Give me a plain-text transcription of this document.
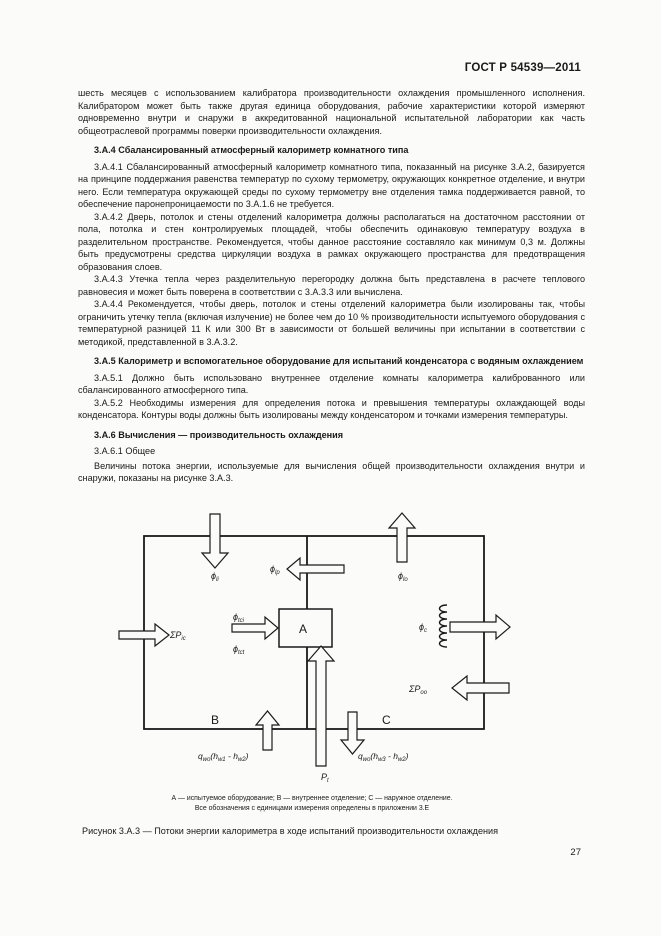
ГОСТ Р 54539—2011

шесть месяцев с использованием калибратора производительности охлаждения промышленного исполнения. Калибратором может быть также другая единица оборудования, рабочие характеристики которой измеряют одновременно внутри и снаружи в аккредитованной национальной испытательной лаборатории как часть общеотраслевой программы поверки производительности охлаждения.

3.А.4 Сбалансированный атмосферный калориметр комнатного типа

3.А.4.1 Сбалансированный атмосферный калориметр комнатного типа, показанный на рисунке 3.А.2, базируется на принципе поддержания равенства температур по сухому термометру, окружающих конкретное отделение, и внутри него. Если температура окружающей среды по сухому термометру вне отделения тамка поддерживается равной, то обеспечение паронепроницаемости по 3.А.1.6 не требуется.

3.А.4.2 Дверь, потолок и стены отделений калориметра должны располагаться на достаточном расстоянии от пола, потолка и стен контролируемых площадей, чтобы обеспечить одинаковую температуру воздуха в разделительном пространстве. Рекомендуется, чтобы данное расстояние составляло как минимум 0,3 м. Должны быть предусмотрены средства циркуляции воздуха в рамках окружающего пространства для предотвращения образования слоев.

3.А.4.3 Утечка тепла через разделительную перегородку должна быть представлена в расчете теплового равновесия и может быть поверена в соответствии с 3.А.3.3 или вычислена.

3.А.4.4 Рекомендуется, чтобы дверь, потолок и стены отделений калориметра были изолированы так, чтобы ограничить утечку тепла (включая излучение) не более чем до 10 % производительности испытуемого оборудования с температурной разницей 11 К или 300 Вт в зависимости от большей величины при испытании в соответствии с методикой, представленной в 3.А.3.2.

3.А.5 Калориметр и вспомогательное оборудование для испытаний конденсатора с водяным охлаждением

3.А.5.1 Должно быть использовано внутреннее отделение комнаты калориметра калиброванного или сбалансированного атмосферного типа.

3.А.5.2 Необходимы измерения для определения потока и превышения температуры охлаждающей воды конденсатора. Контуры воды должны быть изолированы между конденсатором и точками измерения температуры.

3.А.6 Вычисления — производительность охлаждения

3.А.6.1 Общее

Величины потока энергии, используемые для вычисления общей производительности охлаждения внутри и снаружи, показаны на рисунке 3.А.3.

$\phi_{li}$
$\phi_{lp}$	$\phi_{lo}$
$\phi_{tci}$
$\phi_{tct}$
$\phi_c$
$\Sigma P_{ic}$
$\Sigma P_{oo}$
$P_t$
A
B	C
$q_{wo}(h_{w1} - h_{w2})$	$q_{wo}(h_{w3} - h_{w2})$
А — испытуемое оборудование; В — внутреннее отделение; С — наружное отделение.
Все обозначения с единицами измерения определены в приложении 3.Е
Рисунок 3.А.3 — Потоки энергии калориметра в ходе испытаний производительности охлаждения
27
